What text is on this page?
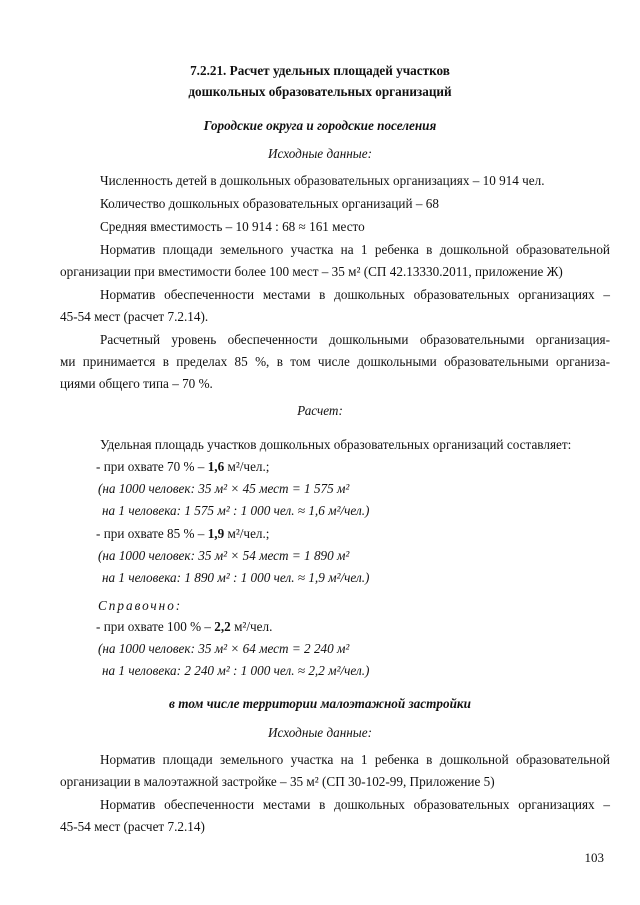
7.2.21. Расчет удельных площадей участков
дошкольных образовательных организаций
Городские округа и городские поселения
Исходные данные:
Численность детей в дошкольных образовательных организациях – 10 914 чел.
Количество дошкольных образовательных организаций – 68
Средняя вместимость – 10 914 : 68 ≈ 161 место
Норматив площади земельного участка на 1 ребенка в дошкольной образовательной
организации при вместимости более 100 мест – 35 м² (СП 42.13330.2011, приложение Ж)
Норматив обеспеченности местами в дошкольных образовательных организациях –
45-54 мест (расчет 7.2.14).
Расчетный уровень обеспеченности дошкольными образовательными организация-
ми принимается в пределах 85 %, в том числе дошкольными образовательными организа-
циями общего типа – 70 %.
Расчет:
Удельная площадь участков дошкольных образовательных организаций составляет:
- при охвате 70 % – 1,6 м²/чел.;
(на 1000 человек: 35 м² × 45 мест = 1 575 м²
на 1 человека: 1 575 м² : 1 000 чел. ≈ 1,6 м²/чел.)
- при охвате 85 % – 1,9 м²/чел.;
(на 1000 человек: 35 м² × 54 мест = 1 890 м²
на 1 человека: 1 890 м² : 1 000 чел. ≈ 1,9 м²/чел.)
Справочно:
- при охвате 100 % – 2,2 м²/чел.
(на 1000 человек: 35 м² × 64 мест = 2 240 м²
на 1 человека: 2 240 м² : 1 000 чел. ≈ 2,2 м²/чел.)
в том числе территории малоэтажной застройки
Исходные данные:
Норматив площади земельного участка на 1 ребенка в дошкольной образовательной
организации в малоэтажной застройке – 35 м² (СП 30-102-99, Приложение 5)
Норматив обеспеченности местами в дошкольных образовательных организациях –
45-54 мест (расчет 7.2.14)
103
